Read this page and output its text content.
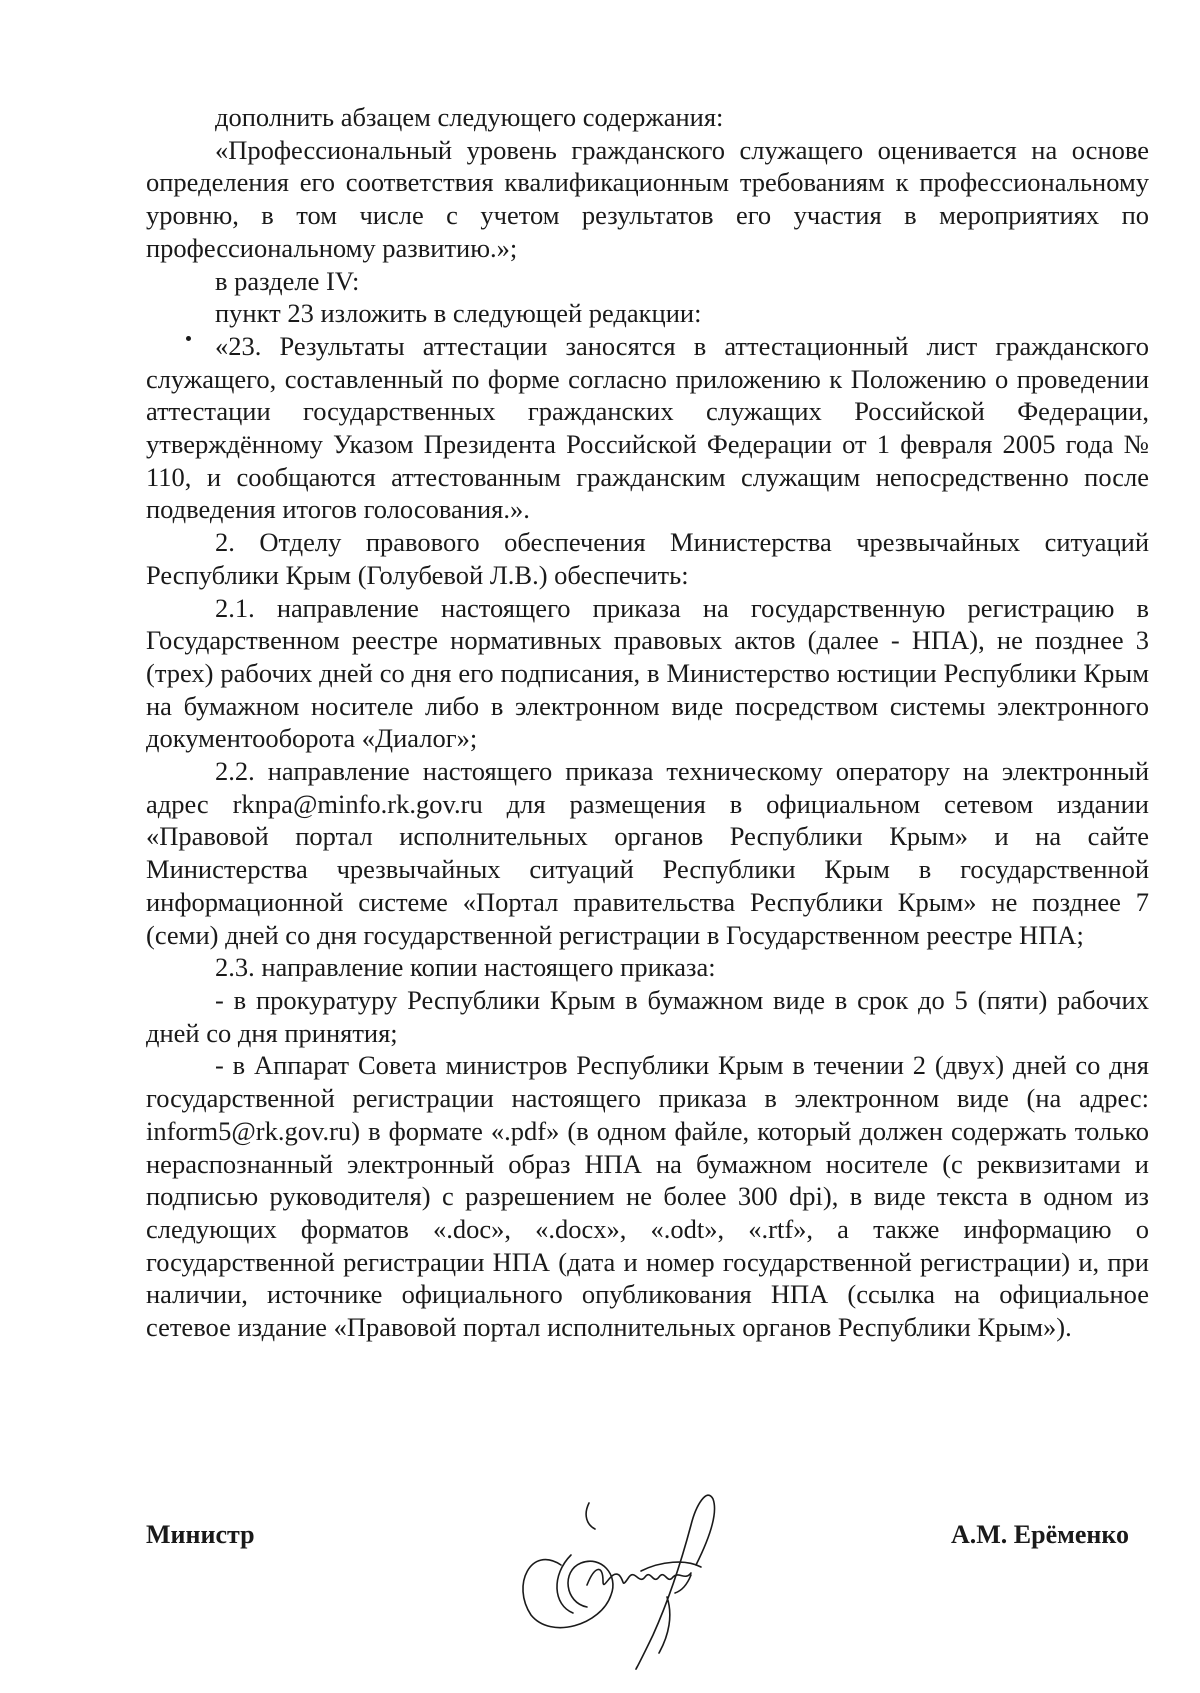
дополнить абзацем следующего содержания:

«Профессиональный уровень гражданского служащего оценивается на основе определения его соответствия квалификационным требованиям к профессиональному уровню, в том числе с учетом результатов его участия в мероприятиях по профессиональному развитию.»;

в разделе IV:

пункт 23 изложить в следующей редакции:

«23. Результаты аттестации заносятся в аттестационный лист гражданского служащего, составленный по форме согласно приложению к Положению о проведении аттестации государственных гражданских служащих Российской Федерации, утверждённому Указом Президента Российской Федерации от 1 февраля 2005 года № 110, и сообщаются аттестованным гражданским служащим непосредственно после подведения итогов голосования.».

2. Отделу правового обеспечения Министерства чрезвычайных ситуаций Республики Крым (Голубевой Л.В.) обеспечить:

2.1. направление настоящего приказа на государственную регистрацию в Государственном реестре нормативных правовых актов (далее - НПА), не позднее 3 (трех) рабочих дней со дня его подписания, в Министерство юстиции Республики Крым на бумажном носителе либо в электронном виде посредством системы электронного документооборота «Диалог»;

2.2. направление настоящего приказа техническому оператору на электронный адрес rknpa@minfo.rk.gov.ru для размещения в официальном сетевом издании «Правовой портал исполнительных органов Республики Крым» и на сайте Министерства чрезвычайных ситуаций Республики Крым в государственной информационной системе «Портал правительства Республики Крым» не позднее 7 (семи) дней со дня государственной регистрации в Государственном реестре НПА;

2.3. направление копии настоящего приказа:

- в прокуратуру Республики Крым в бумажном виде в срок до 5 (пяти) рабочих дней со дня принятия;

- в Аппарат Совета министров Республики Крым в течении 2 (двух) дней со дня государственной регистрации настоящего приказа в электронном виде (на адрес: inform5@rk.gov.ru) в формате «.pdf» (в одном файле, который должен содержать только нераспознанный электронный образ НПА на бумажном носителе (с реквизитами и подписью руководителя) с разрешением не более 300 dpi), в виде текста в одном из следующих форматов «.doc», «.docx», «.odt», «.rtf», а также информацию о государственной регистрации НПА (дата и номер государственной регистрации) и, при наличии, источнике официального опубликования НПА (ссылка на официальное сетевое издание «Правовой портал исполнительных органов Республики Крым»).

Министр	А.М. Ерёменко
